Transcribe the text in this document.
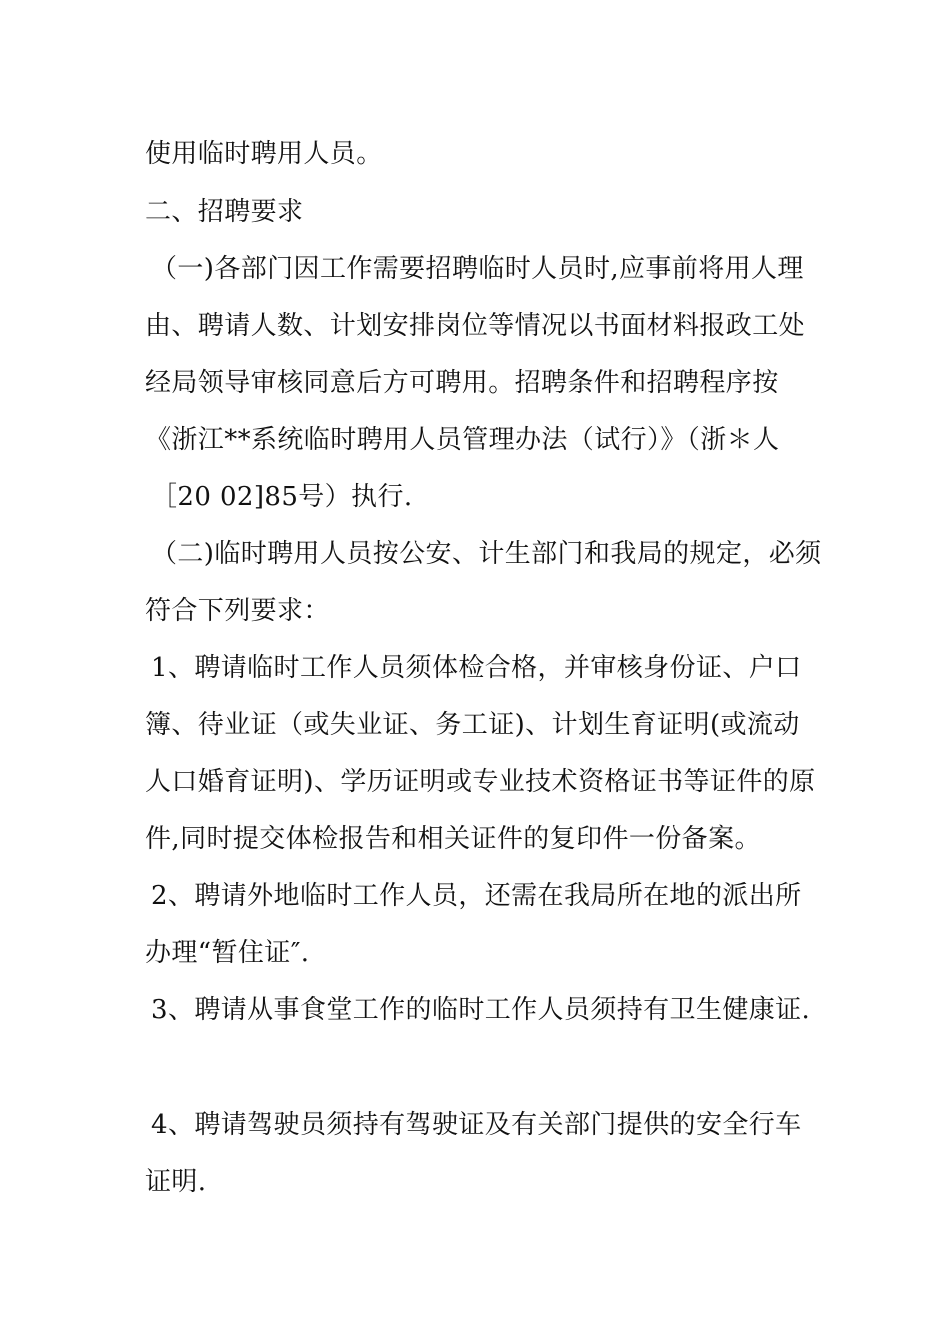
使用临时聘用人员。
二、招聘要求
（一)各部门因工作需要招聘临时人员时,应事前将用人理
由、聘请人数、计划安排岗位等情况以书面材料报政工处
经局领导审核同意后方可聘用。招聘条件和招聘程序按
《浙江**系统临时聘用人员管理办法（试行）》（浙＊人
［20 02]85号）执行.
（二)临时聘用人员按公安、计生部门和我局的规定，必须
符合下列要求：
1、聘请临时工作人员须体检合格，并审核身份证、户口
簿、待业证（或失业证、务工证)、计划生育证明(或流动
人口婚育证明)、学历证明或专业技术资格证书等证件的原
件,同时提交体检报告和相关证件的复印件一份备案。
2、聘请外地临时工作人员，还需在我局所在地的派出所
办理“暂住证″.
3、聘请从事食堂工作的临时工作人员须持有卫生健康证.
4、聘请驾驶员须持有驾驶证及有关部门提供的安全行车
证明.
